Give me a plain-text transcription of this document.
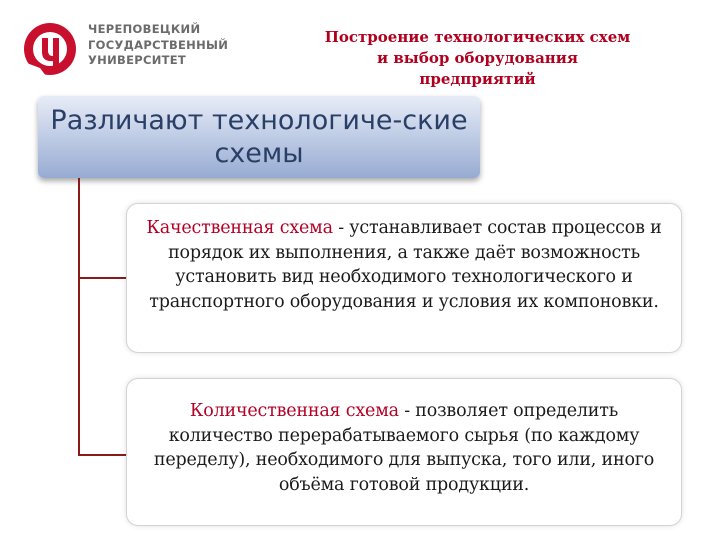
ЧЕРЕПОВЕЦКИЙ
ГОСУДАРСТВЕННЫЙ
УНИВЕРСИТЕТ
Построение технологических схем
и выбор оборудования
предприятий
Различают технологиче-ские
схемы
Качественная схема - устанавливает состав процессов и порядок их выполнения, а также даёт возможность установить вид необходимого технологического и транспортного оборудования и условия их компоновки.
Количественная схема - позволяет определить количество перерабатываемого сырья (по каждому переделу), необходимого для выпуска, того или, иного объёма готовой продукции.
